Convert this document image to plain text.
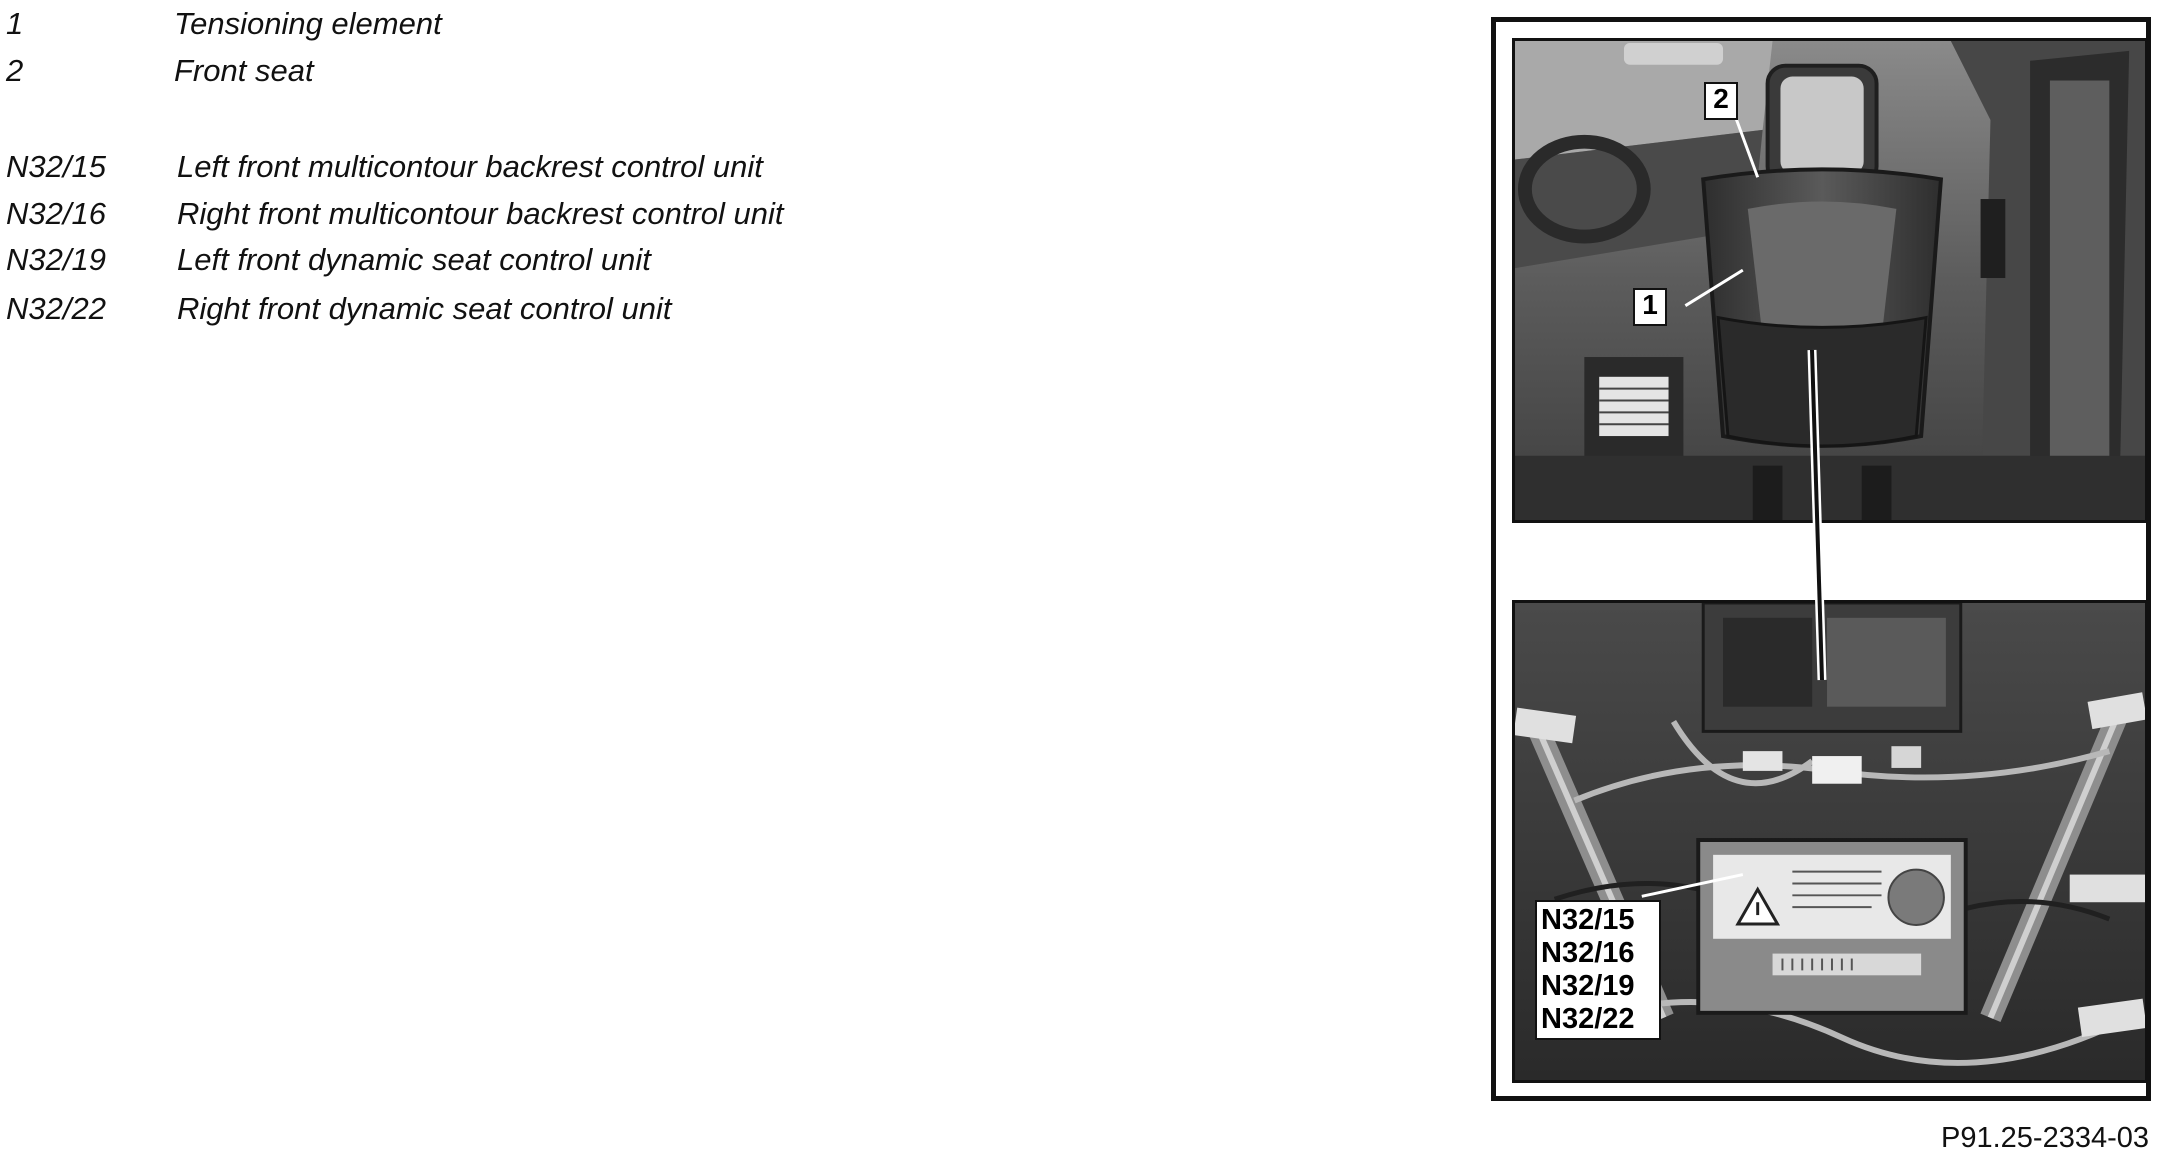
1	Tensioning element
2	Front seat
N32/15 Left front multicontour backrest control unit
N32/16 Right front multicontour backrest control unit
N32/19 Left front dynamic seat control unit
N32/22 Right front dynamic seat control unit	1
2
N32/15
N32/16
N32/19
N32/22
P91.25-2334-03
